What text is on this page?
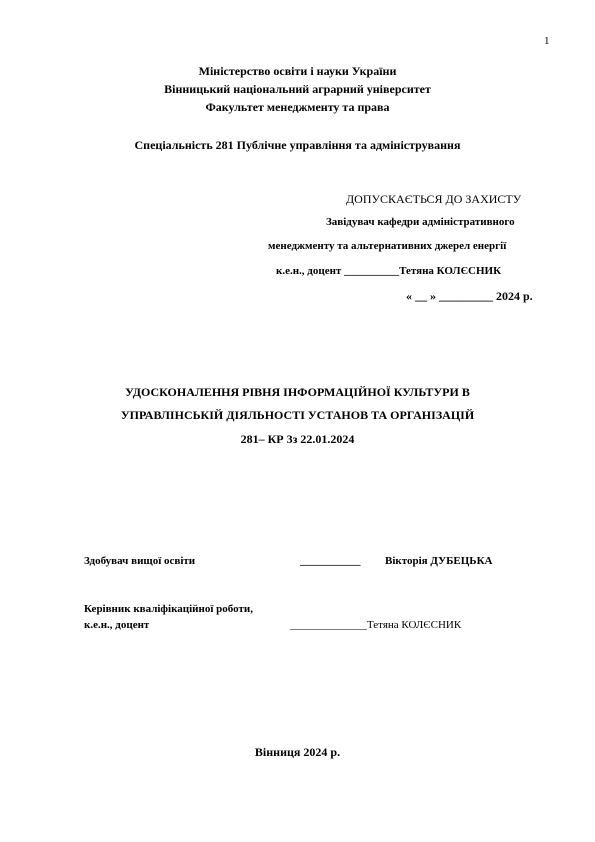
1
Міністерство освіти і науки України
Вінницький національний аграрний університет
Факультет менеджменту та права
Спеціальність 281 Публічне управління та адміністрування
ДОПУСКАЄТЬСЯ ДО ЗАХИСТУ
Завідувач кафедри адміністративного
менеджменту та альтернативних джерел енергії
к.е.н., доцент __________Тетяна КОЛЄСНИК
« __ » _________ 2024 р.
УДОСКОНАЛЕННЯ РІВНЯ ІНФОРМАЦІЙНОЇ КУЛЬТУРИ В
УПРАВЛІНСЬКІЙ ДІЯЛЬНОСТІ УСТАНОВ ТА ОРГАНІЗАЦІЙ
281– КР 3з 22.01.2024
Здобувач вищої освіти	___________ Вікторія ДУБЕЦЬКА
Керівник кваліфікаційної роботи,
к.е.н., доцент	______________Тетяна КОЛЄСНИК
Вінниця 2024 р.
